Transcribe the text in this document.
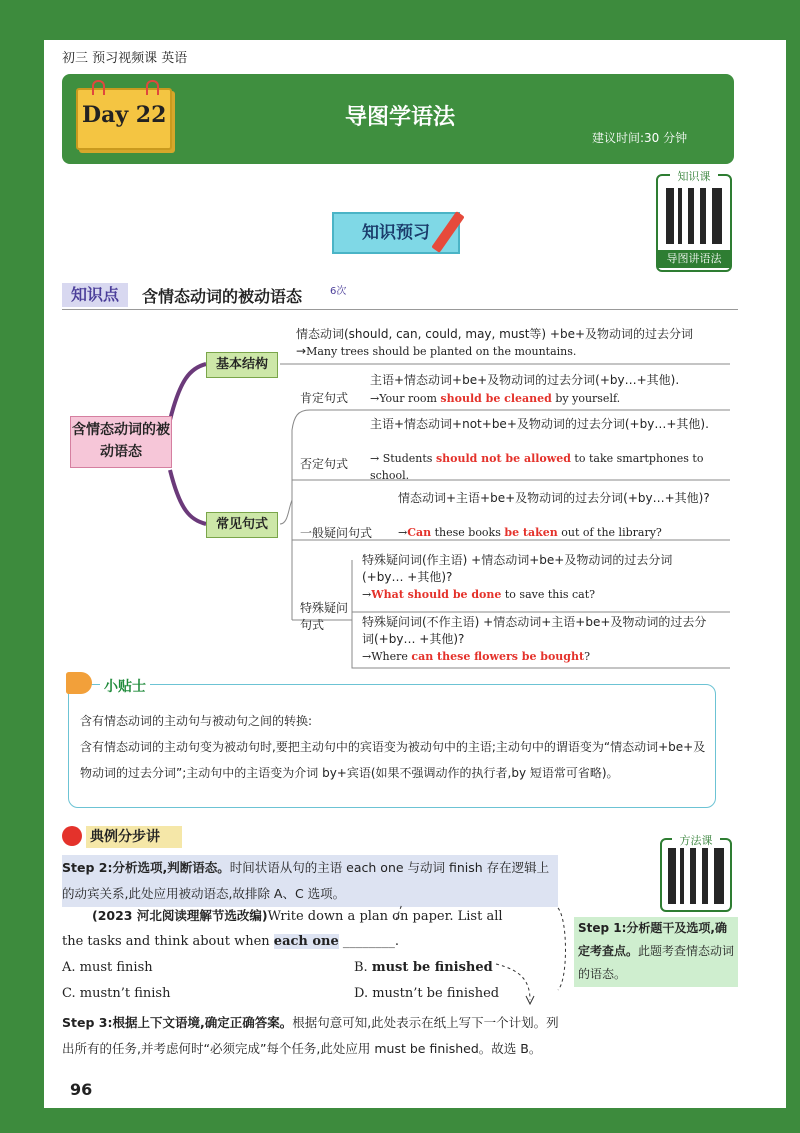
初三 预习视频课 英语
Day 22	导图学语法
建议时间:30 分钟
知识课
导图讲语法
知识预习
知识点	含情态动词的被动语态	6次
含情态动词的被动语态
基本结构
常见句式
情态动词(should, can, could, may, must等) +be+及物动词的过去分词 →Many trees should be planted on the mountains.
肯定句式
主语+情态动词+be+及物动词的过去分词(+by…+其他).
→Your room should be cleaned by yourself.
否定句式
主语+情态动词+not+be+及物动词的过去分词(+by…+其他).
→ Students should not be allowed to take smartphones to school.
一般疑问句式
情态动词+主语+be+及物动词的过去分词(+by…+其他)?
→Can these books be taken out of the library?
特殊疑问句式
特殊疑问词(作主语) +情态动词+be+及物动词的过去分词(+by… +其他)?
→What should be done to save this cat?
特殊疑问词(不作主语) +情态动词+主语+be+及物动词的过去分词(+by… +其他)?
→Where can these flowers be bought?
小贴士
含有情态动词的主动句与被动句之间的转换:
含有情态动词的主动句变为被动句时,要把主动句中的宾语变为被动句中的主语;主动句中的谓语变为“情态动词+be+及物动词的过去分词”;主动句中的主语变为介词 by+宾语(如果不强调动作的执行者,by 短语常可省略)。
典例分步讲	方法课
Step 2:分析选项,判断语态。时间状语从句的主语 each one 与动词 finish 存在逻辑上的动宾关系,此处应用被动语态,故排除 A、C 选项。
(2023 河北阅读理解节选改编)Write down a plan on paper. List all
the tasks and think about when each one ________.
A. must finish	B. must be finished
C. mustn’t finish	D. mustn’t be finished
Step 1:分析题干及选项,确定考查点。此题考查情态动词的语态。
Step 3:根据上下文语境,确定正确答案。根据句意可知,此处表示在纸上写下一个计划。列出所有的任务,并考虑何时“必须完成”每个任务,此处应用 must be finished。故选 B。
96
